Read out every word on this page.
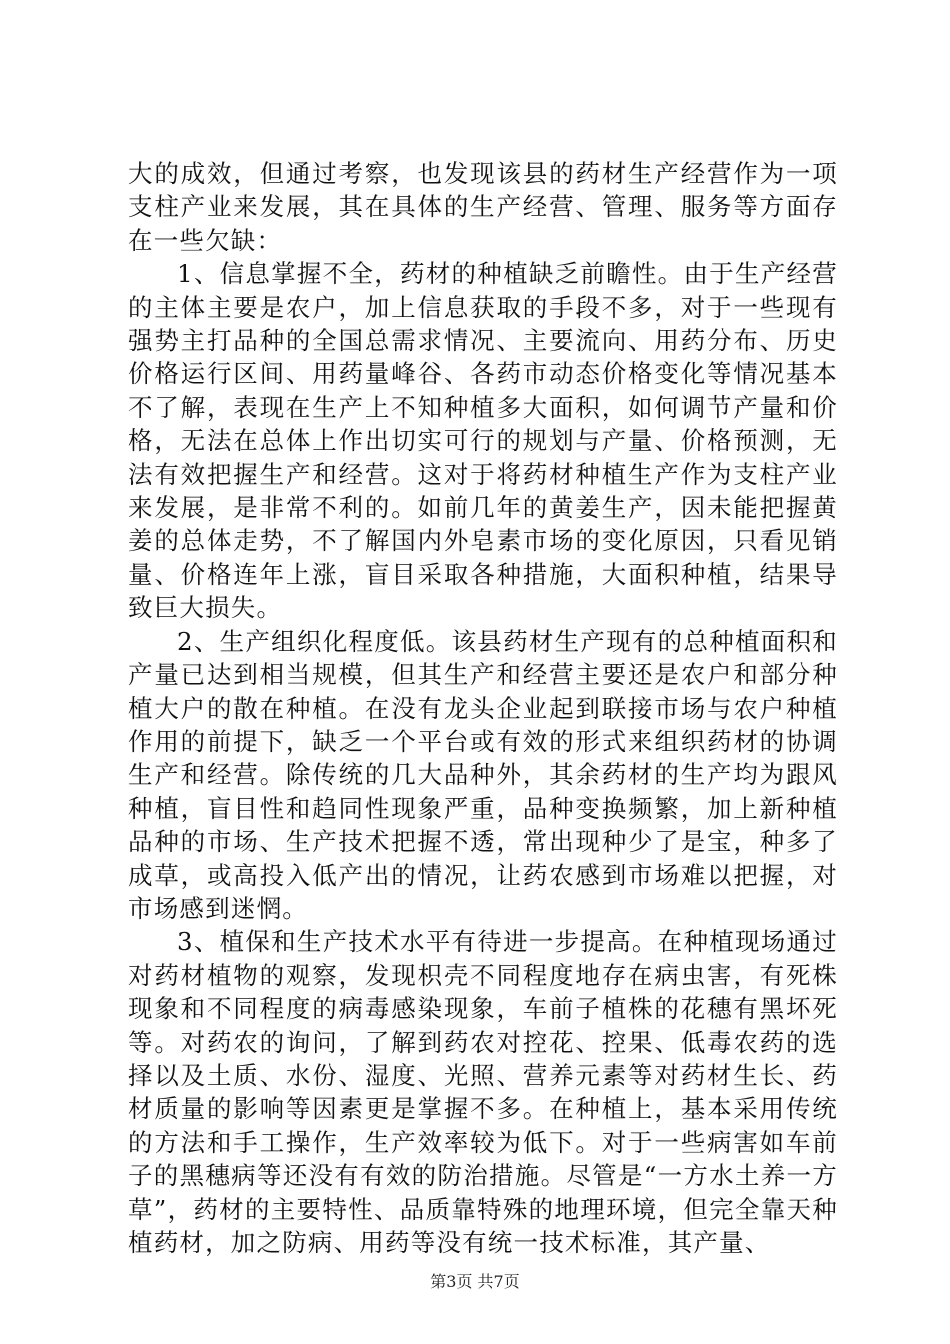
大的成效，但通过考察，也发现该县的药材生产经营作为一项支柱产业来发展，其在具体的生产经营、管理、服务等方面存在一些欠缺：

1、信息掌握不全，药材的种植缺乏前瞻性。由于生产经营的主体主要是农户，加上信息获取的手段不多，对于一些现有强势主打品种的全国总需求情况、主要流向、用药分布、历史价格运行区间、用药量峰谷、各药市动态价格变化等情况基本不了解，表现在生产上不知种植多大面积，如何调节产量和价格，无法在总体上作出切实可行的规划与产量、价格预测，无法有效把握生产和经营。这对于将药材种植生产作为支柱产业来发展，是非常不利的。如前几年的黄姜生产，因未能把握黄姜的总体走势，不了解国内外皂素市场的变化原因，只看见销量、价格连年上涨，盲目采取各种措施，大面积种植，结果导致巨大损失。

2、生产组织化程度低。该县药材生产现有的总种植面积和产量已达到相当规模，但其生产和经营主要还是农户和部分种植大户的散在种植。在没有龙头企业起到联接市场与农户种植作用的前提下，缺乏一个平台或有效的形式来组织药材的协调生产和经营。除传统的几大品种外，其余药材的生产均为跟风种植，盲目性和趋同性现象严重，品种变换频繁，加上新种植品种的市场、生产技术把握不透，常出现种少了是宝，种多了成草，或高投入低产出的情况，让药农感到市场难以把握，对市场感到迷惘。

3、植保和生产技术水平有待进一步提高。在种植现场通过对药材植物的观察，发现枳壳不同程度地存在病虫害，有死株现象和不同程度的病毒感染现象，车前子植株的花穗有黑坏死等。对药农的询问，了解到药农对控花、控果、低毒农药的选择以及土质、水份、湿度、光照、营养元素等对药材生长、药材质量的影响等因素更是掌握不多。在种植上，基本采用传统的方法和手工操作，生产效率较为低下。对于一些病害如车前子的黑穗病等还没有有效的防治措施。尽管是“一方水土养一方草”，药材的主要特性、品质靠特殊的地理环境，但完全靠天种植药材，加之防病、用药等没有统一技术标准，其产量、

第3页 共7页
